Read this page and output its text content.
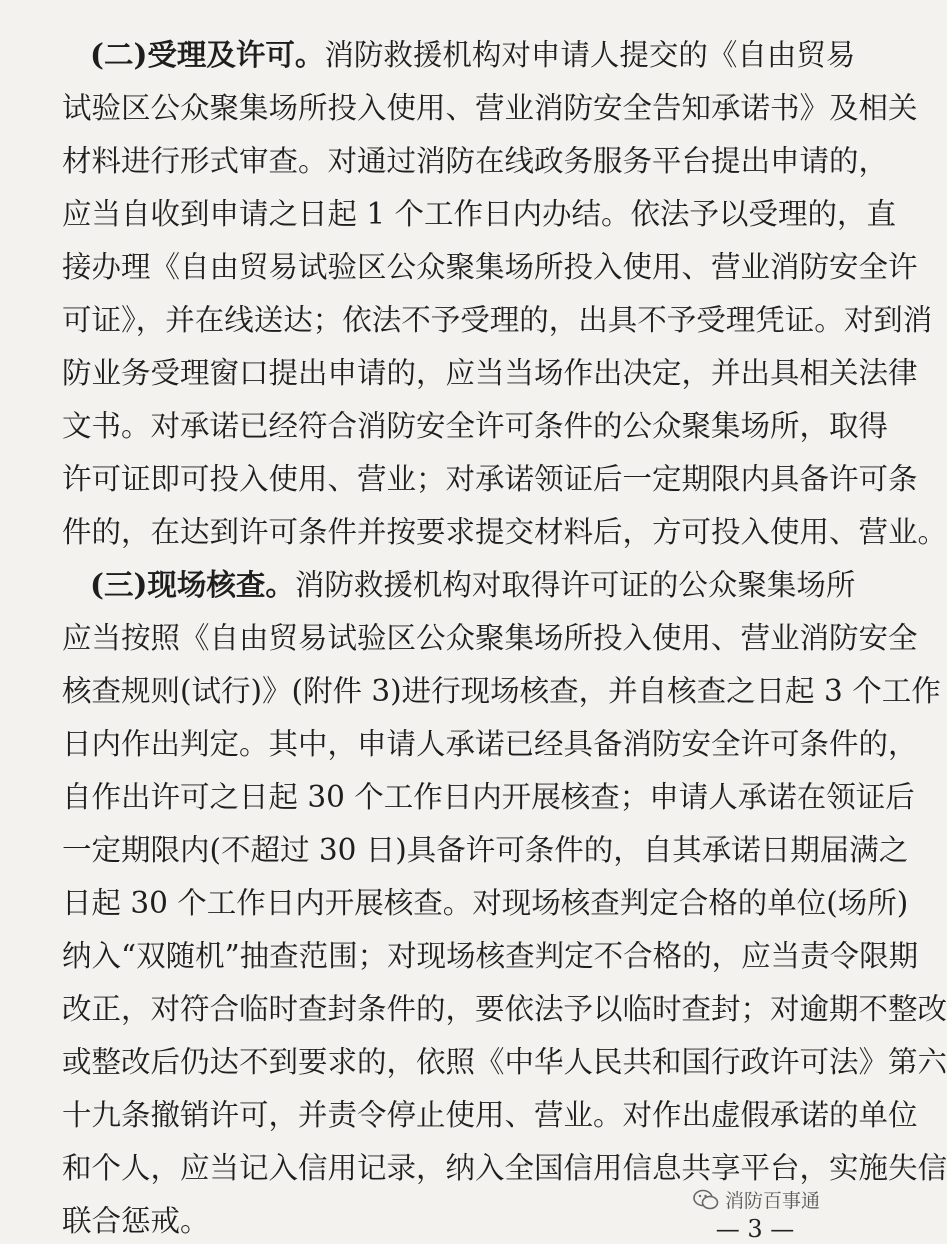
(二)受理及许可。消防救援机构对申请人提交的《自由贸易
试验区公众聚集场所投入使用、营业消防安全告知承诺书》及相关
材料进行形式审查。对通过消防在线政务服务平台提出申请的，
应当自收到申请之日起 1 个工作日内办结。依法予以受理的，直
接办理《自由贸易试验区公众聚集场所投入使用、营业消防安全许
可证》，并在线送达；依法不予受理的，出具不予受理凭证。对到消
防业务受理窗口提出申请的，应当当场作出决定，并出具相关法律
文书。对承诺已经符合消防安全许可条件的公众聚集场所，取得
许可证即可投入使用、营业；对承诺领证后一定期限内具备许可条
件的，在达到许可条件并按要求提交材料后，方可投入使用、营业。
(三)现场核查。消防救援机构对取得许可证的公众聚集场所
应当按照《自由贸易试验区公众聚集场所投入使用、营业消防安全
核查规则(试行)》(附件 3)进行现场核查，并自核查之日起 3 个工作
日内作出判定。其中，申请人承诺已经具备消防安全许可条件的，
自作出许可之日起 30 个工作日内开展核查；申请人承诺在领证后
一定期限内(不超过 30 日)具备许可条件的，自其承诺日期届满之
日起 30 个工作日内开展核查。对现场核查判定合格的单位(场所)
纳入“双随机”抽查范围；对现场核查判定不合格的，应当责令限期
改正，对符合临时查封条件的，要依法予以临时查封；对逾期不整改
或整改后仍达不到要求的，依照《中华人民共和国行政许可法》第六
十九条撤销许可，并责令停止使用、营业。对作出虚假承诺的单位
和个人，应当记入信用记录，纳入全国信用信息共享平台，实施失信
联合惩戒。
消防百事通
— 3 —
